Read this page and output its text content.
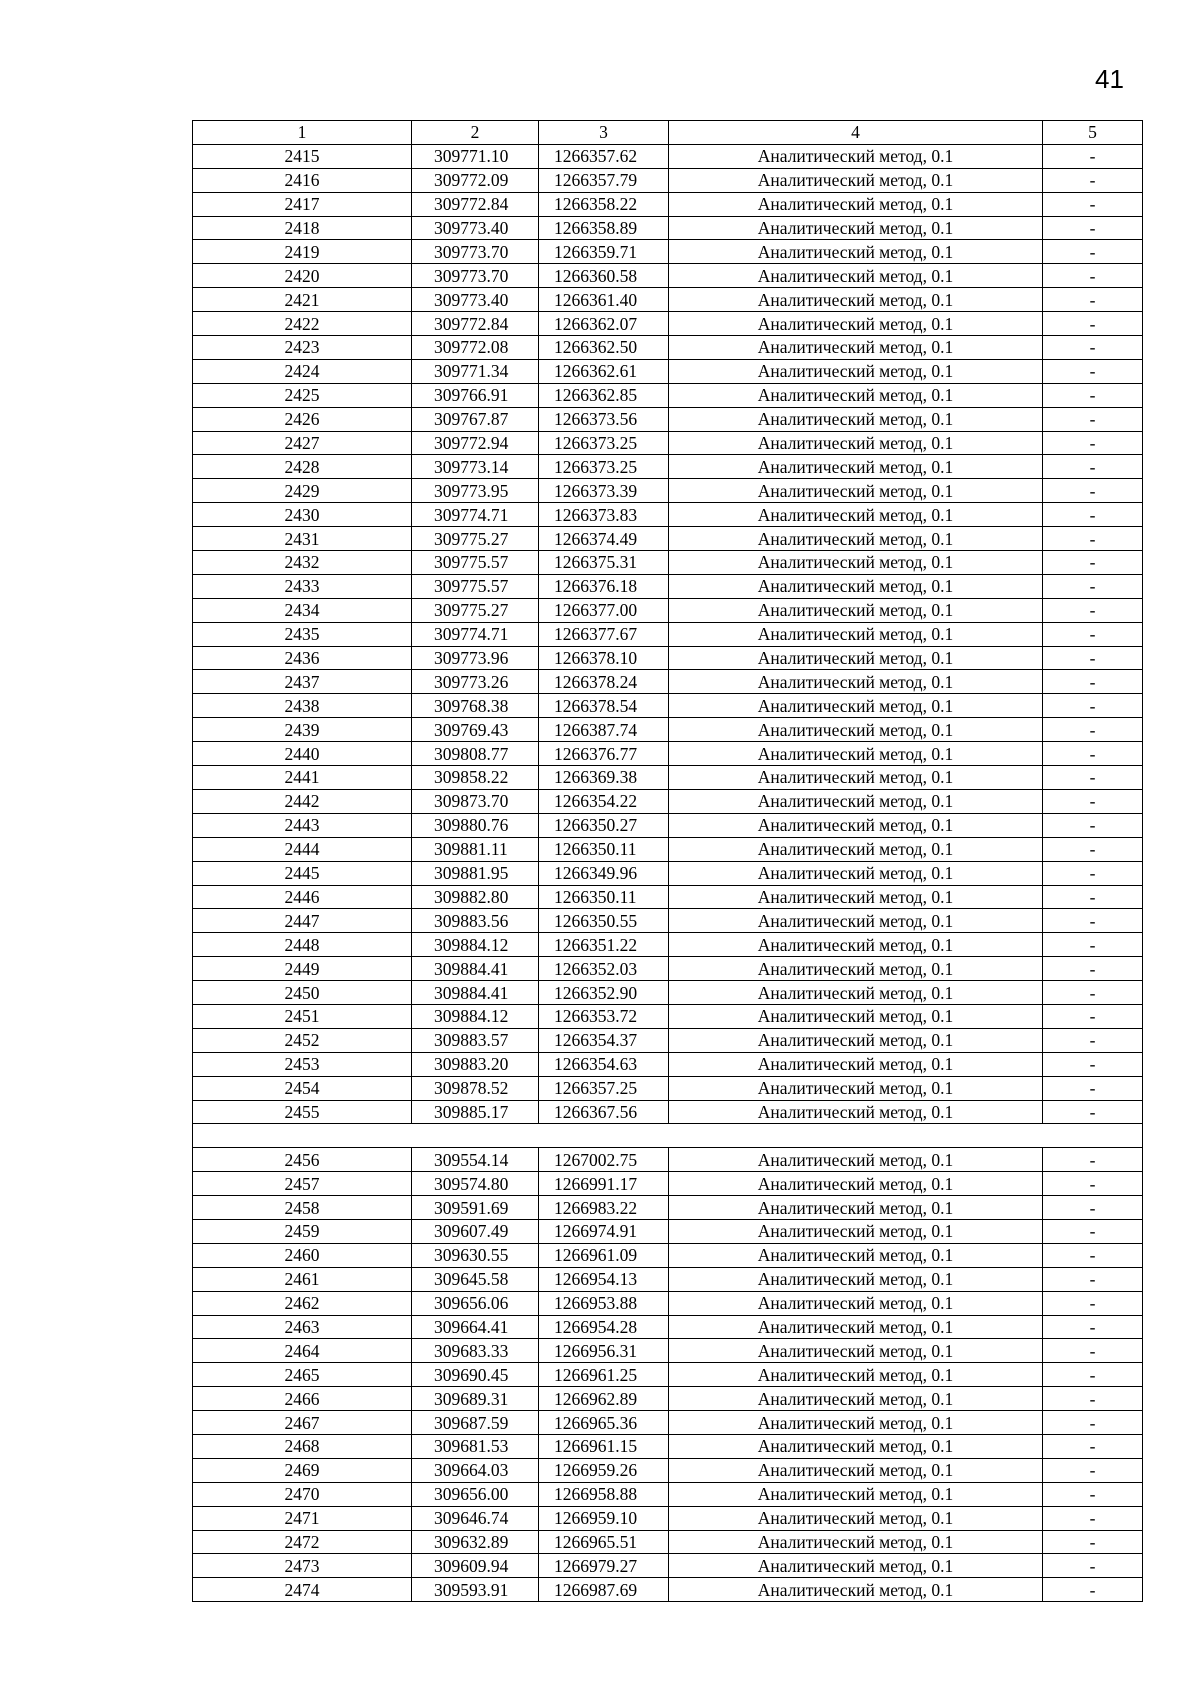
41
1	2	3	4	5
2415	309771.10	1266357.62	Аналитический метод, 0.1	-
2416	309772.09	1266357.79	Аналитический метод, 0.1	-
2417	309772.84	1266358.22	Аналитический метод, 0.1	-
2418	309773.40	1266358.89	Аналитический метод, 0.1	-
2419	309773.70	1266359.71	Аналитический метод, 0.1	-
2420	309773.70	1266360.58	Аналитический метод, 0.1	-
2421	309773.40	1266361.40	Аналитический метод, 0.1	-
2422	309772.84	1266362.07	Аналитический метод, 0.1	-
2423	309772.08	1266362.50	Аналитический метод, 0.1	-
2424	309771.34	1266362.61	Аналитический метод, 0.1	-
2425	309766.91	1266362.85	Аналитический метод, 0.1	-
2426	309767.87	1266373.56	Аналитический метод, 0.1	-
2427	309772.94	1266373.25	Аналитический метод, 0.1	-
2428	309773.14	1266373.25	Аналитический метод, 0.1	-
2429	309773.95	1266373.39	Аналитический метод, 0.1	-
2430	309774.71	1266373.83	Аналитический метод, 0.1	-
2431	309775.27	1266374.49	Аналитический метод, 0.1	-
2432	309775.57	1266375.31	Аналитический метод, 0.1	-
2433	309775.57	1266376.18	Аналитический метод, 0.1	-
2434	309775.27	1266377.00	Аналитический метод, 0.1	-
2435	309774.71	1266377.67	Аналитический метод, 0.1	-
2436	309773.96	1266378.10	Аналитический метод, 0.1	-
2437	309773.26	1266378.24	Аналитический метод, 0.1	-
2438	309768.38	1266378.54	Аналитический метод, 0.1	-
2439	309769.43	1266387.74	Аналитический метод, 0.1	-
2440	309808.77	1266376.77	Аналитический метод, 0.1	-
2441	309858.22	1266369.38	Аналитический метод, 0.1	-
2442	309873.70	1266354.22	Аналитический метод, 0.1	-
2443	309880.76	1266350.27	Аналитический метод, 0.1	-
2444	309881.11	1266350.11	Аналитический метод, 0.1	-
2445	309881.95	1266349.96	Аналитический метод, 0.1	-
2446	309882.80	1266350.11	Аналитический метод, 0.1	-
2447	309883.56	1266350.55	Аналитический метод, 0.1	-
2448	309884.12	1266351.22	Аналитический метод, 0.1	-
2449	309884.41	1266352.03	Аналитический метод, 0.1	-
2450	309884.41	1266352.90	Аналитический метод, 0.1	-
2451	309884.12	1266353.72	Аналитический метод, 0.1	-
2452	309883.57	1266354.37	Аналитический метод, 0.1	-
2453	309883.20	1266354.63	Аналитический метод, 0.1	-
2454	309878.52	1266357.25	Аналитический метод, 0.1	-
2455	309885.17	1266367.56	Аналитический метод, 0.1	-

2456	309554.14	1267002.75	Аналитический метод, 0.1	-
2457	309574.80	1266991.17	Аналитический метод, 0.1	-
2458	309591.69	1266983.22	Аналитический метод, 0.1	-
2459	309607.49	1266974.91	Аналитический метод, 0.1	-
2460	309630.55	1266961.09	Аналитический метод, 0.1	-
2461	309645.58	1266954.13	Аналитический метод, 0.1	-
2462	309656.06	1266953.88	Аналитический метод, 0.1	-
2463	309664.41	1266954.28	Аналитический метод, 0.1	-
2464	309683.33	1266956.31	Аналитический метод, 0.1	-
2465	309690.45	1266961.25	Аналитический метод, 0.1	-
2466	309689.31	1266962.89	Аналитический метод, 0.1	-
2467	309687.59	1266965.36	Аналитический метод, 0.1	-
2468	309681.53	1266961.15	Аналитический метод, 0.1	-
2469	309664.03	1266959.26	Аналитический метод, 0.1	-
2470	309656.00	1266958.88	Аналитический метод, 0.1	-
2471	309646.74	1266959.10	Аналитический метод, 0.1	-
2472	309632.89	1266965.51	Аналитический метод, 0.1	-
2473	309609.94	1266979.27	Аналитический метод, 0.1	-
2474	309593.91	1266987.69	Аналитический метод, 0.1	-
